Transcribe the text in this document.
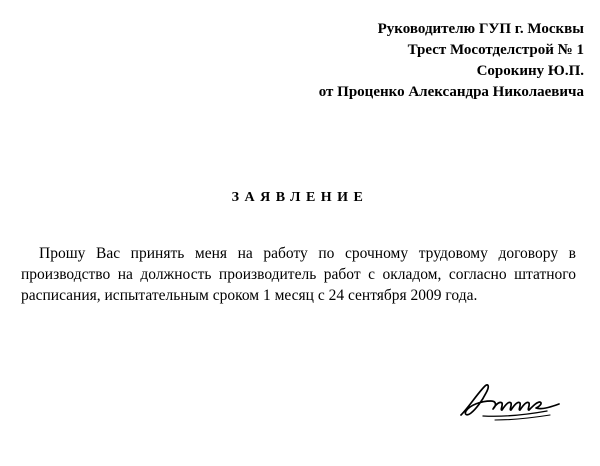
Руководителю ГУП г. Москвы
Трест Мосотделстрой № 1
Сорокину Ю.П.
от Проценко Александра Николаевича
ЗАЯВЛЕНИЕ
Прошу Вас принять меня на работу по срочному трудовому договору в производство на должность производитель работ с окладом, согласно штатного расписания, испытательным сроком 1 месяц с 24 сентября 2009 года.
